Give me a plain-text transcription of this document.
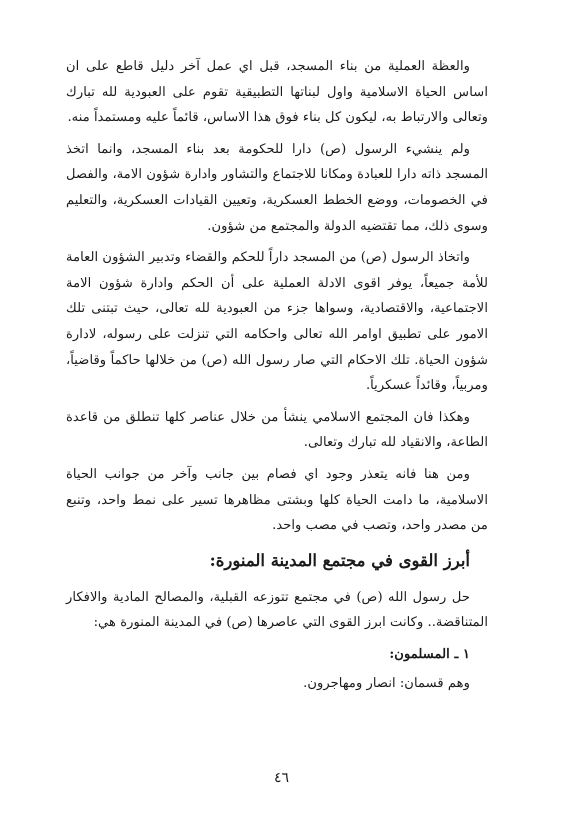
والعظة العملية من بناء المسجد، قبل اي عمل آخر دليل قاطع على ان اساس الحياة الاسلامية واول لبناتها التطبيقية تقوم على العبودية لله تبارك وتعالى والارتباط به، ليكون كل بناء فوق هذا الاساس، قائماً عليه ومستمداً منه.

ولم ينشيء الرسول (ص) دارا للحكومة بعد بناء المسجد، وانما اتخذ المسجد ذاته دارا للعبادة ومكانا للاجتماع والتشاور وادارة شؤون الامة، والفصل في الخصومات، ووضع الخطط العسكرية، وتعيين القيادات العسكرية، والتعليم وسوى ذلك، مما تقتضيه الدولة والمجتمع من شؤون.

واتخاذ الرسول (ص) من المسجد داراً للحكم والقضاء وتدبير الشؤون العامة للأمة جميعاً، يوفر اقوى الادلة العملية على أن الحكم وادارة شؤون الامة الاجتماعية، والاقتصادية، وسواها جزء من العبودية لله تعالى، حيث تبتنى تلك الامور على تطبيق اوامر الله تعالى واحكامه التي تنزلت على رسوله، لادارة شؤون الحياة. تلك الاحكام التي صار رسول الله (ص) من خلالها حاكماً وقاضياً، ومربياً، وقائداً عسكرياً.

وهكذا فان المجتمع الاسلامي ينشأ من خلال عناصر كلها تنطلق من قاعدة الطاعة، والانقياد لله تبارك وتعالى.

ومن هنا فانه يتعذر وجود اي فصام بين جانب وآخر من جوانب الحياة الاسلامية، ما دامت الحياة كلها وبشتى مظاهرها تسير على نمط واحد، وتنبع من مصدر واحد، وتصب في مصب واحد.

أبرز القوى في مجتمع المدينة المنورة:

حل رسول الله (ص) في مجتمع تتوزعه القبلية، والمصالح المادية والافكار المتناقضة.. وكانت ابرز القوى التي عاصرها (ص) في المدينة المنورة هي:

١ ـ المسلمون:

وهم قسمان: انصار ومهاجرون.

٤٦
